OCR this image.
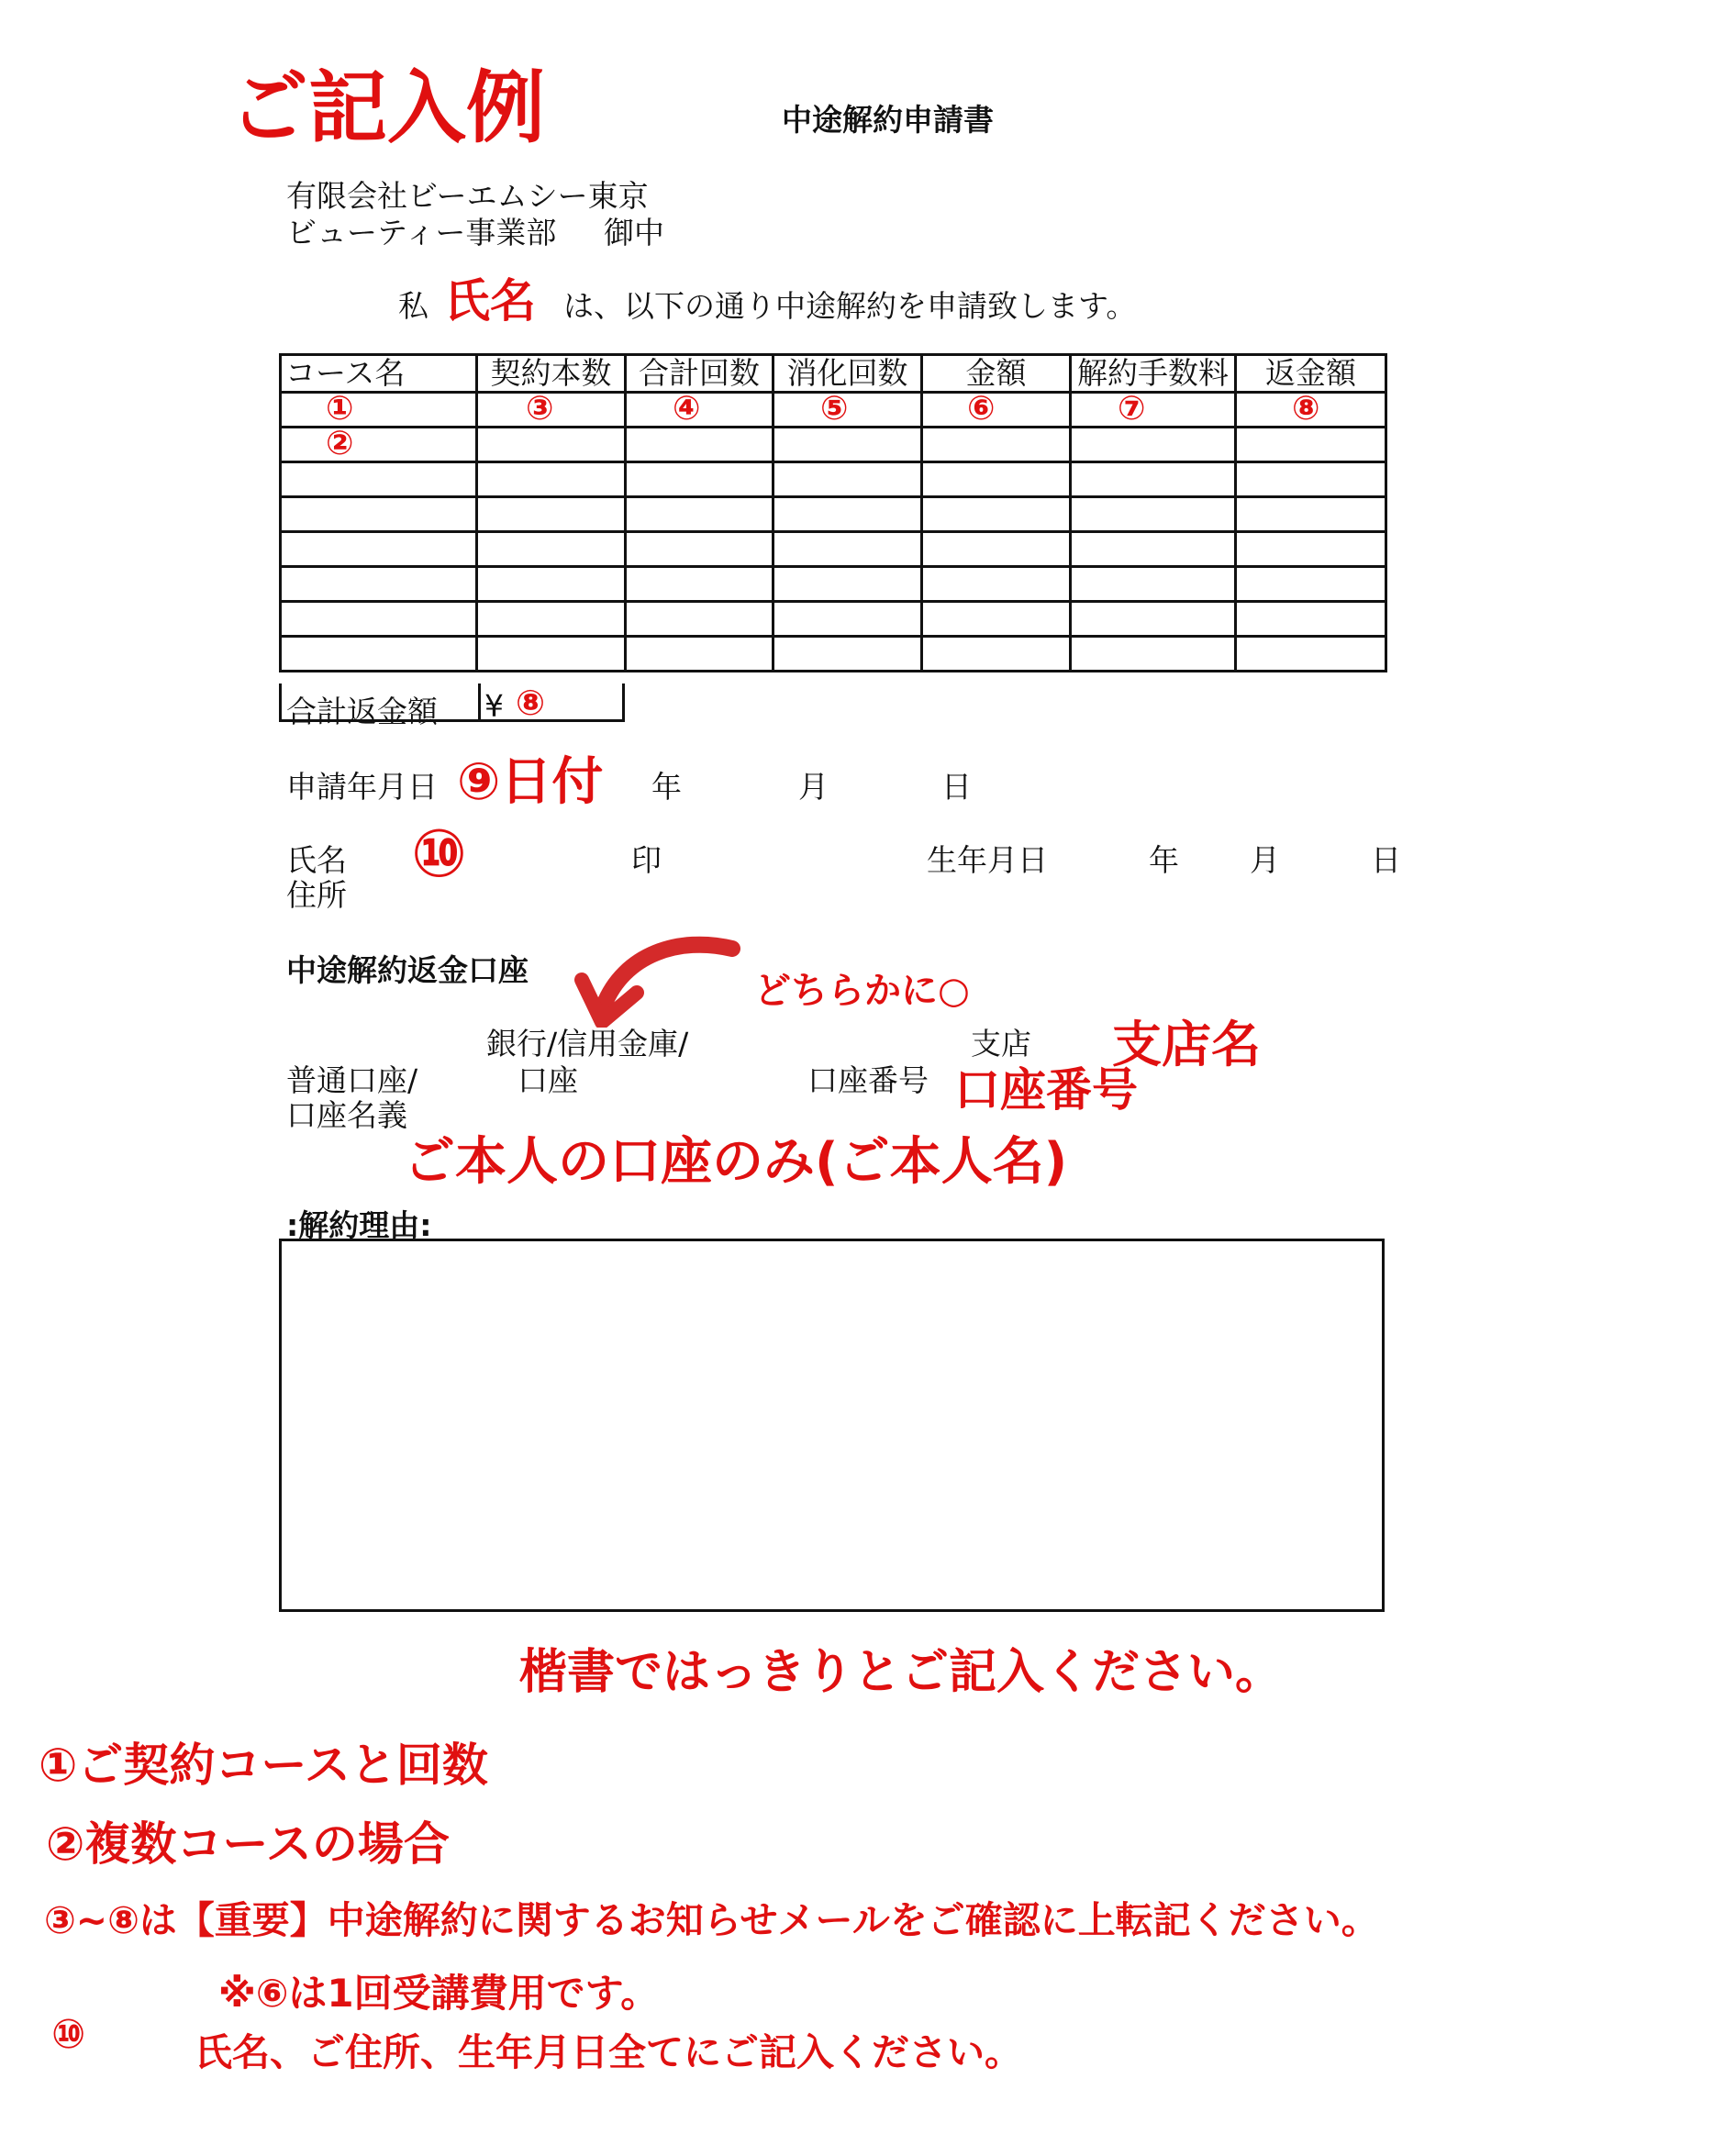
ご記入例	中途解約申請書
有限会社ビーエムシー東京
ビューティー事業部 御中
私 氏名 は、以下の通り中途解約を申請致します。
コース名	契約本数	合計回数	消化回数	金額	解約手数料	返金額

①	③	④	⑤	⑥	⑦	⑧

②						

合計返金額 ¥ ⑧
申請年月日 ⑨日付 年	月	日
氏名
住所
⑩	印	生年月日	年 月	日
中途解約返金口座	どちらかに○
銀行/信用金庫/	支店 支店名
普通口座/	口座	口座番号 口座番号
口座名義
ご本人の口座のみ(ご本人名)
:解約理由:
楷書ではっきりとご記入ください。
①ご契約コースと回数
②複数コースの場合
③~⑧は【重要】中途解約に関するお知らせメールをご確認に上転記ください。
※⑥は1回受講費用です。
⑩	氏名、ご住所、生年月日全てにご記入ください。
